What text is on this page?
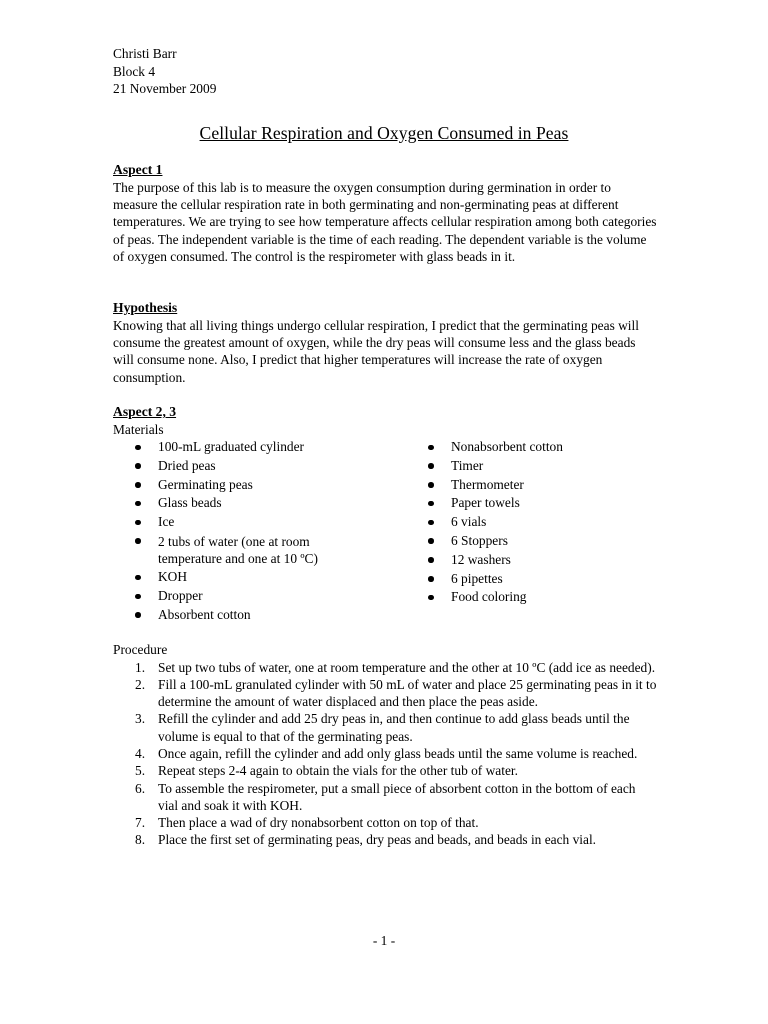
Christi Barr
Block 4
21 November 2009
Cellular Respiration and Oxygen Consumed in Peas
Aspect 1

The purpose of this lab is to measure the oxygen consumption during germination in order to measure the cellular respiration rate in both germinating and non-germinating peas at different temperatures. We are trying to see how temperature affects cellular respiration among both categories of peas. The independent variable is the time of each reading. The dependent variable is the volume of oxygen consumed. The control is the respirometer with glass beads in it.

Hypothesis

Knowing that all living things undergo cellular respiration, I predict that the germinating peas will consume the greatest amount of oxygen, while the dry peas will consume less and the glass beads will consume none. Also, I predict that higher temperatures will increase the rate of oxygen consumption.

Aspect 2, 3
Materials
100-mL graduated cylinder
Dried peas
Germinating peas
Glass beads
Ice
2 tubs of water (one at room temperature and one at 10 ºC)
KOH
Dropper
Absorbent cotton
Nonabsorbent cotton
Timer
Thermometer
Paper towels
6 vials
6 Stoppers
12 washers
6 pipettes
Food coloring
Procedure
1. Set up two tubs of water, one at room temperature and the other at 10 ºC (add ice as needed).
2. Fill a 100-mL granulated cylinder with 50 mL of water and place 25 germinating peas in it to determine the amount of water displaced and then place the peas aside.
3. Refill the cylinder and add 25 dry peas in, and then continue to add glass beads until the volume is equal to that of the germinating peas.
4. Once again, refill the cylinder and add only glass beads until the same volume is reached.
5. Repeat steps 2-4 again to obtain the vials for the other tub of water.
6. To assemble the respirometer, put a small piece of absorbent cotton in the bottom of each vial and soak it with KOH.
7. Then place a wad of dry nonabsorbent cotton on top of that.
8. Place the first set of germinating peas, dry peas and beads, and beads in each vial.
- 1 -
